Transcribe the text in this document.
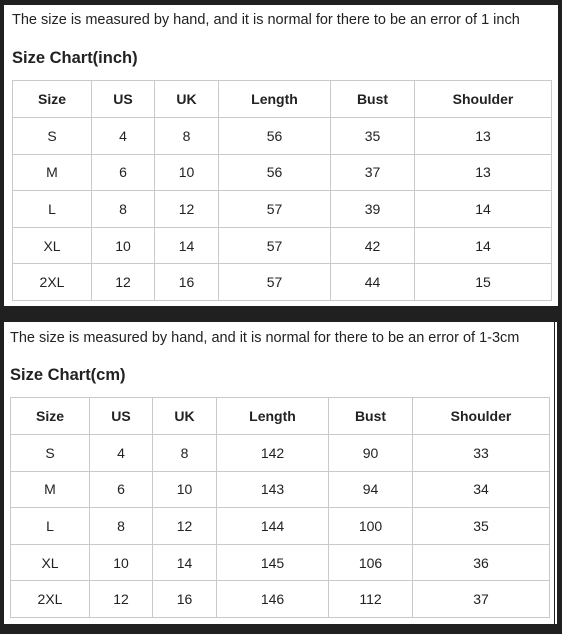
The size is measured by hand, and it is normal for there to be an error of 1 inch
Size Chart(inch)
Size	US	UK	Length	Bust	Shoulder
S	4	8	56	35	13
M	6	10	56	37	13
L	8	12	57	39	14
XL	10	14	57	42	14
2XL	12	16	57	44	15
The size is measured by hand, and it is normal for there to be an error of 1-3cm
Size Chart(cm)
Size	US	UK	Length	Bust	Shoulder
S	4	8	142	90	33
M	6	10	143	94	34
L	8	12	144	100	35
XL	10	14	145	106	36
2XL	12	16	146	112	37
